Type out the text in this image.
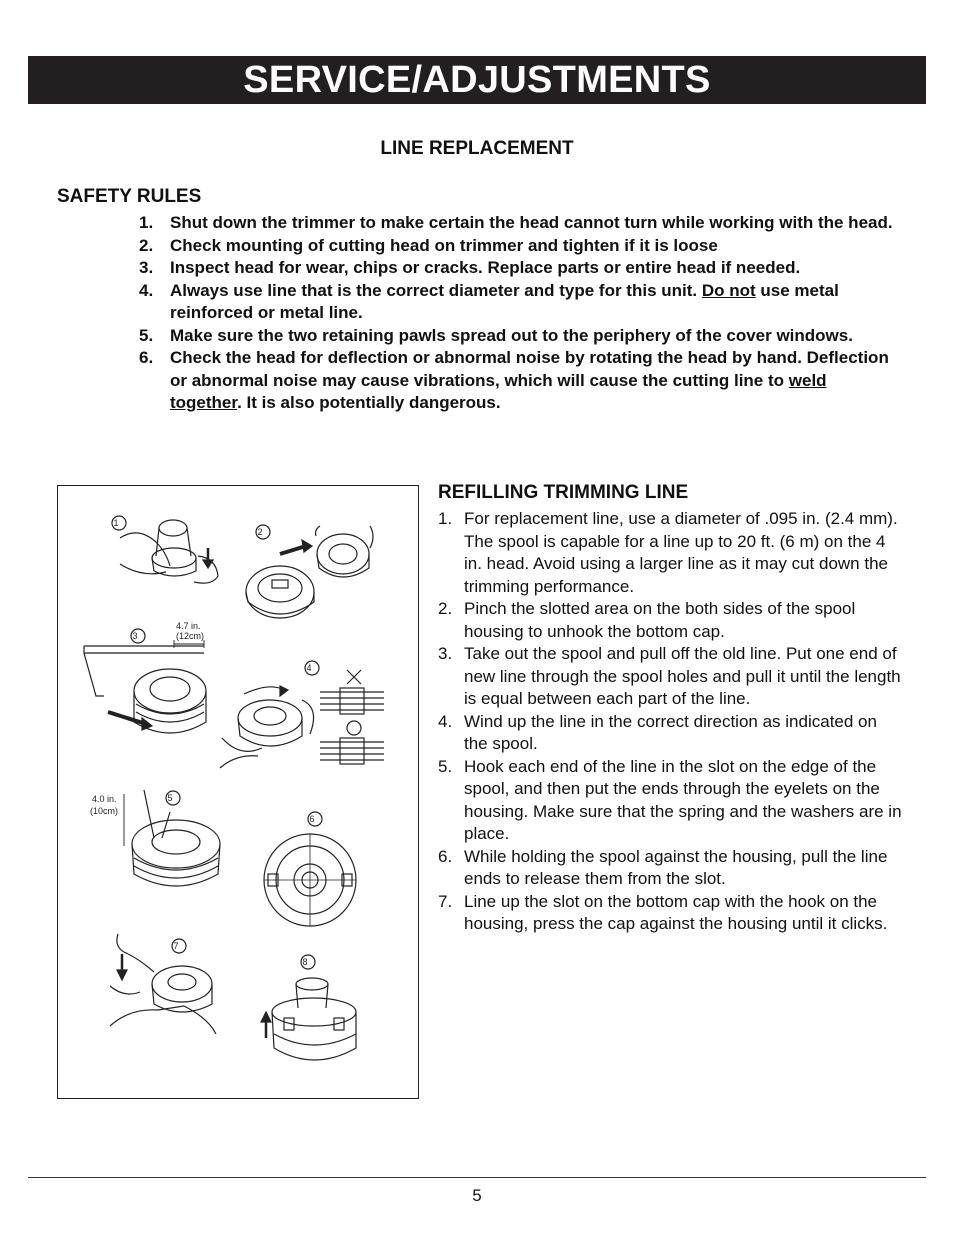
SERVICE/ADJUSTMENTS
LINE REPLACEMENT
SAFETY RULES
1. Shut down the trimmer to make certain the head cannot turn while working with the head.
2. Check mounting of cutting head on trimmer and tighten if it is loose
3. Inspect head for wear, chips or cracks. Replace parts or entire head if needed.
4. Always use line that is the correct diameter and type for this unit. Do not use metal reinforced or metal line.
5. Make sure the two retaining pawls spread out to the periphery of the cover windows.
6. Check the head for deflection or abnormal noise by rotating the head by hand. Deflection or abnormal noise may cause vibrations, which will cause the cutting line to weld together. It is also potentially dangerous.
1
2
3
4
5
6
7
8
4.7 in.
(12cm)
4.0 in.
(10cm)
REFILLING TRIMMING LINE
1. For replacement line, use a diameter of .095 in. (2.4 mm). The spool is capable for a line up to 20 ft. (6 m) on the 4 in. head. Avoid using a larger line as it may cut down the trimming performance.
2. Pinch the slotted area on the both sides of the spool housing to unhook the bottom cap.
3. Take out the spool and pull off the old line. Put one end of new line through the spool holes and pull it until the length is equal between each part of the line.
4. Wind up the line in the correct direction as indicated on the spool.
5. Hook each end of the line in the slot on the edge of the spool, and then put the ends through the eyelets on the housing. Make sure that the spring and the washers are in place.
6. While holding the spool against the housing, pull the line ends to release them from the slot.
7. Line up the slot on the bottom cap with the hook on the housing, press the cap against the housing until it clicks.
5
